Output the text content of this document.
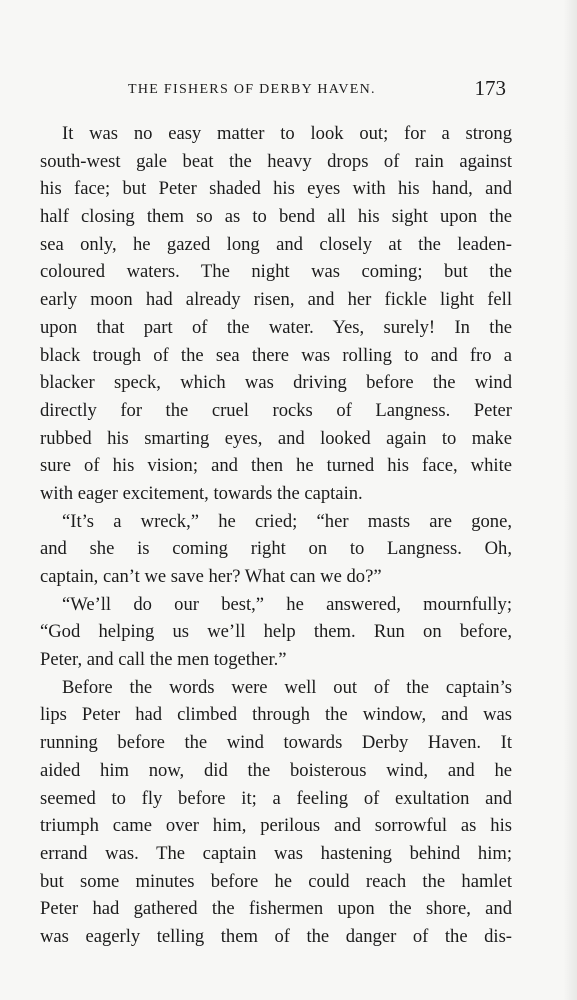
THE FISHERS OF DERBY HAVEN.	173
It was no easy matter to look out; for a strong
south-west gale beat the heavy drops of rain against
his face; but Peter shaded his eyes with his hand, and
half closing them so as to bend all his sight upon the
sea only, he gazed long and closely at the leaden-
coloured waters. The night was coming; but the
early moon had already risen, and her fickle light fell
upon that part of the water. Yes, surely! In the
black trough of the sea there was rolling to and fro a
blacker speck, which was driving before the wind
directly for the cruel rocks of Langness. Peter
rubbed his smarting eyes, and looked again to make
sure of his vision; and then he turned his face, white
with eager excitement, towards the captain.
“It’s a wreck,” he cried; “her masts are gone,
and she is coming right on to Langness. Oh,
captain, can’t we save her? What can we do?”
“We’ll do our best,” he answered, mournfully;
“God helping us we’ll help them. Run on before,
Peter, and call the men together.”
Before the words were well out of the captain’s
lips Peter had climbed through the window, and was
running before the wind towards Derby Haven. It
aided him now, did the boisterous wind, and he
seemed to fly before it; a feeling of exultation and
triumph came over him, perilous and sorrowful as his
errand was. The captain was hastening behind him;
but some minutes before he could reach the hamlet
Peter had gathered the fishermen upon the shore, and
was eagerly telling them of the danger of the dis-
